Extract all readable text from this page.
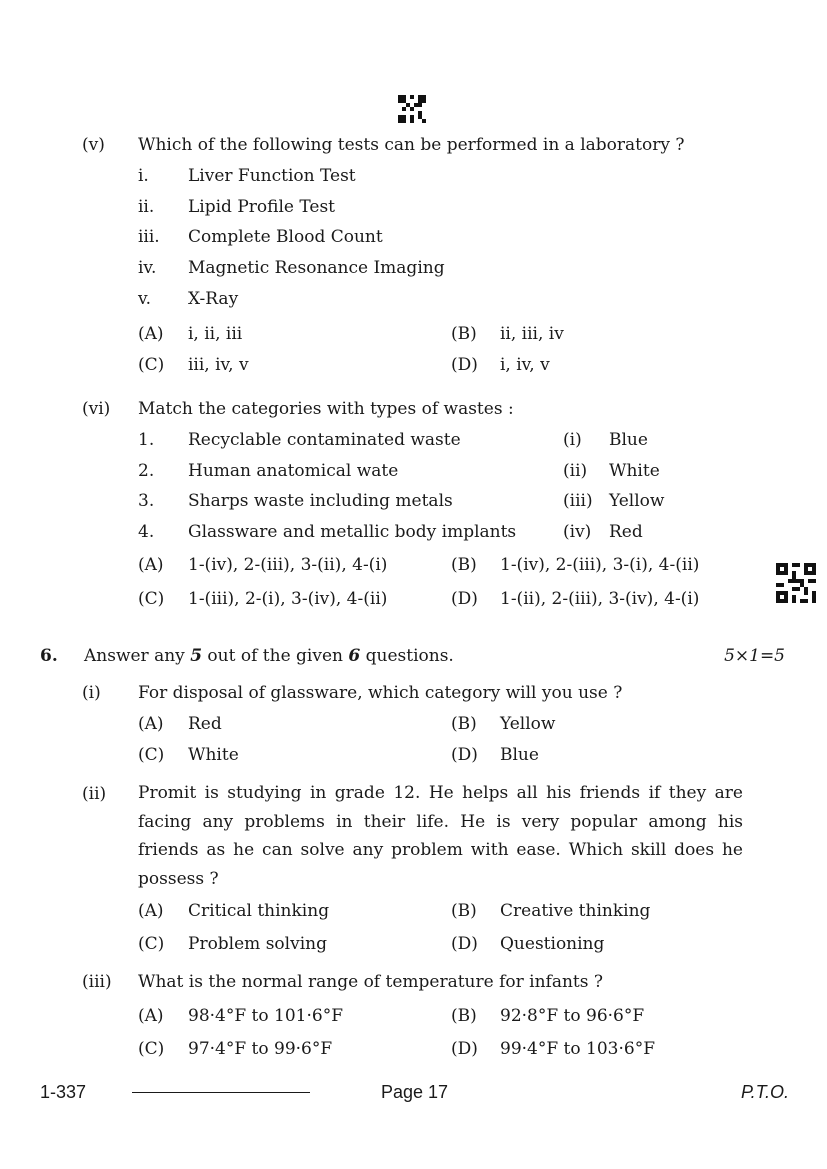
(v) Which of the following tests can be performed in a laboratory ?
i. Liver Function Test
ii. Lipid Profile Test
iii. Complete Blood Count
iv. Magnetic Resonance Imaging
v. X-Ray
(A) i, ii, iii	(B) ii, iii, iv
(C) iii, iv, v	(D) i, iv, v
(vi) Match the categories with types of wastes :
1. Recyclable contaminated waste	(i) Blue
2. Human anatomical wate	(ii) White
3. Sharps waste including metals	(iii) Yellow
4. Glassware and metallic body implants	(iv) Red
(A) 1-(iv), 2-(iii), 3-(ii), 4-(i)	(B) 1-(iv), 2-(iii), 3-(i), 4-(ii)
(C) 1-(iii), 2-(i), 3-(iv), 4-(ii)	(D) 1-(ii), 2-(iii), 3-(iv), 4-(i)
6. Answer any 5 out of the given 6 questions.	5×1=5
(i) For disposal of glassware, which category will you use ?
(A) Red	(B) Yellow
(C) White	(D) Blue
(ii) Promit is studying in grade 12. He helps all his friends if they are facing any problems in their life. He is very popular among his friends as he can solve any problem with ease. Which skill does he possess ?
(A) Critical thinking	(B) Creative thinking
(C) Problem solving	(D) Questioning
(iii) What is the normal range of temperature for infants ?
(A) 98·4°F to 101·6°F	(B) 92·8°F to 96·6°F
(C) 97·4°F to 99·6°F	(D) 99·4°F to 103·6°F
1-337	Page 17	P.T.O.
